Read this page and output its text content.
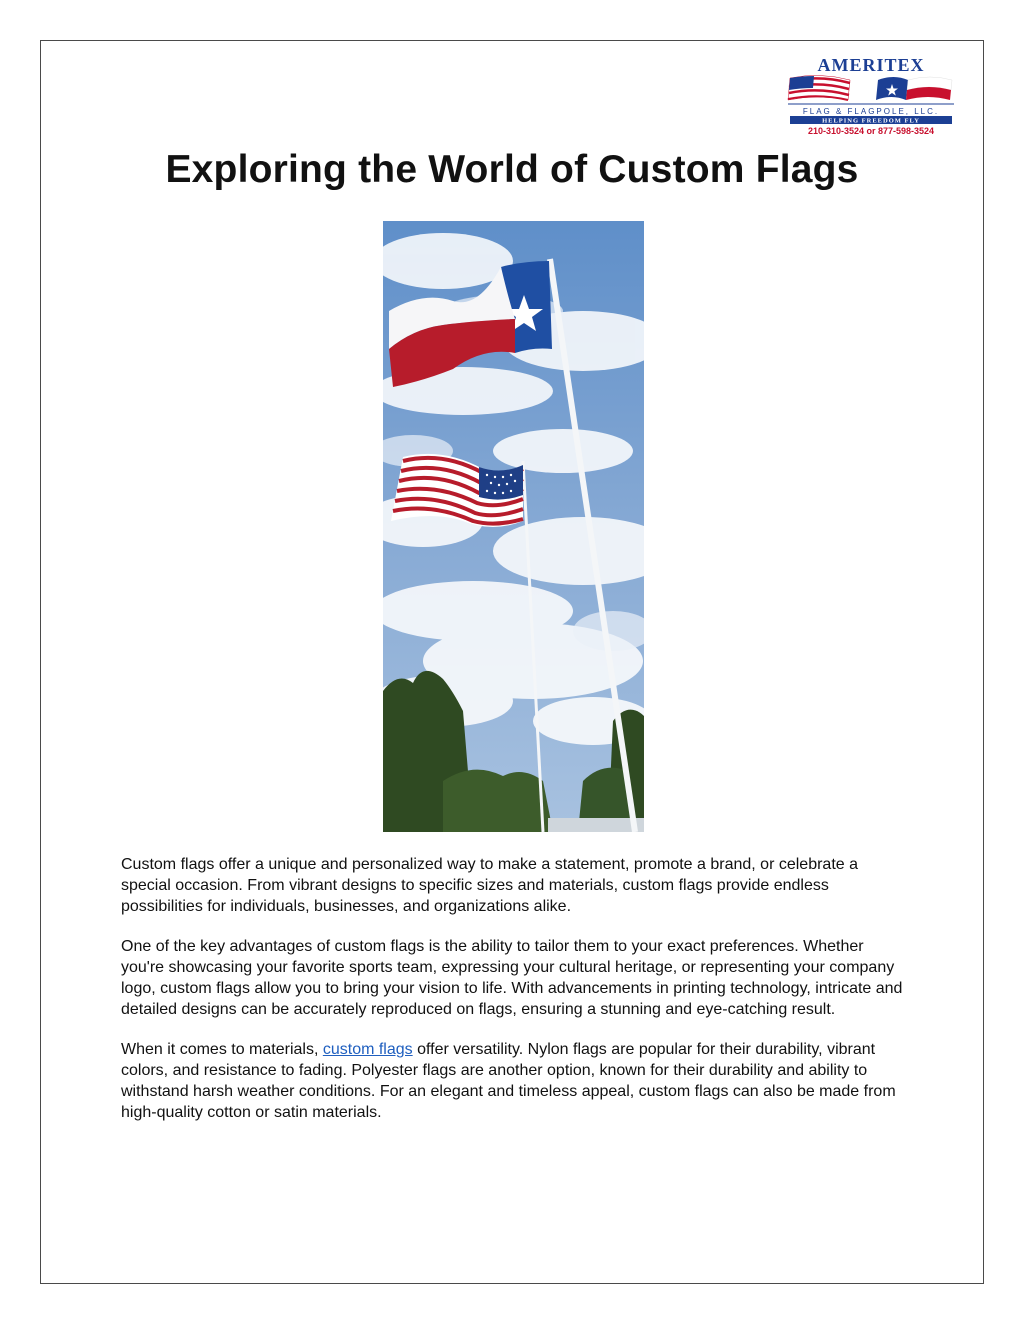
AMERITEX
FLAG & FLAGPOLE, LLC.
HELPING FREEDOM FLY
210-310-3524 or 877-598-3524
Exploring the World of Custom Flags

Custom flags offer a unique and personalized way to make a statement, promote a brand, or celebrate a special occasion. From vibrant designs to specific sizes and materials, custom flags provide endless possibilities for individuals, businesses, and organizations alike.

One of the key advantages of custom flags is the ability to tailor them to your exact preferences. Whether you're showcasing your favorite sports team, expressing your cultural heritage, or representing your company logo, custom flags allow you to bring your vision to life. With advancements in printing technology, intricate and detailed designs can be accurately reproduced on flags, ensuring a stunning and eye-catching result.

When it comes to materials, custom flags offer versatility. Nylon flags are popular for their durability, vibrant colors, and resistance to fading. Polyester flags are another option, known for their durability and ability to withstand harsh weather conditions. For an elegant and timeless appeal, custom flags can also be made from high-quality cotton or satin materials.
